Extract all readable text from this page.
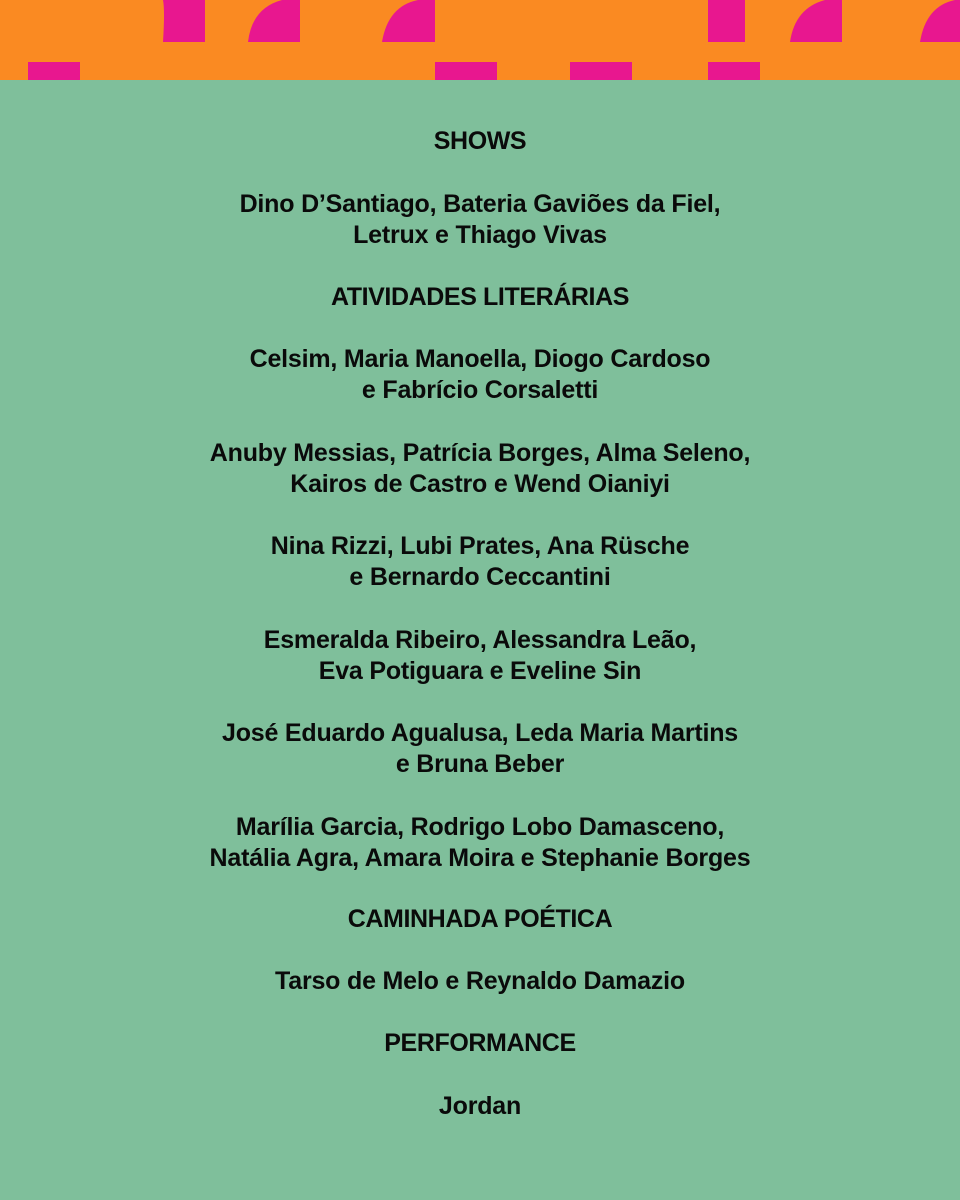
SHOWS
Dino D’Santiago, Bateria Gaviões da Fiel,
Letrux e Thiago Vivas
ATIVIDADES LITERÁRIAS
Celsim, Maria Manoella, Diogo Cardoso
e Fabrício Corsaletti
Anuby Messias, Patrícia Borges, Alma Seleno,
Kairos de Castro e Wend Oianiyi
Nina Rizzi, Lubi Prates, Ana Rüsche
e Bernardo Ceccantini
Esmeralda Ribeiro, Alessandra Leão,
Eva Potiguara e Eveline Sin
José Eduardo Agualusa, Leda Maria Martins
e Bruna Beber
Marília Garcia, Rodrigo Lobo Damasceno,
Natália Agra, Amara Moira e Stephanie Borges
CAMINHADA POÉTICA
Tarso de Melo e Reynaldo Damazio
PERFORMANCE
Jordan
